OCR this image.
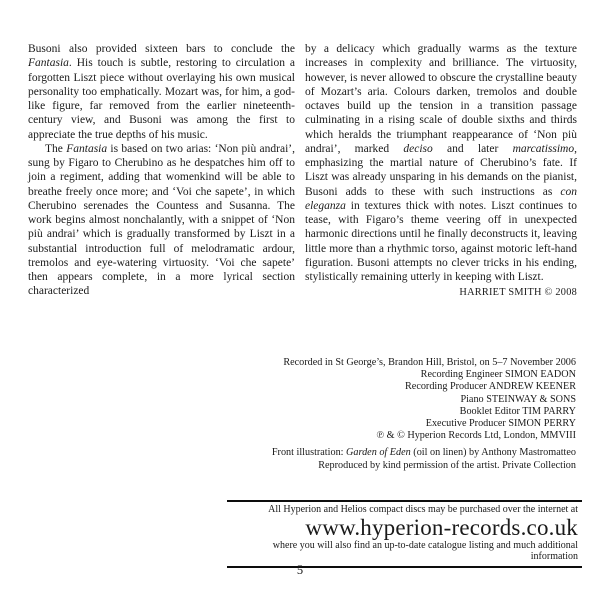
Busoni also provided sixteen bars to conclude the Fantasia. His touch is subtle, restoring to circulation a forgotten Liszt piece without overlaying his own musical personality too emphatically. Mozart was, for him, a god-like figure, far removed from the earlier nineteenth-century view, and Busoni was among the first to appreciate the true depths of his music.

The Fantasia is based on two arias: ‘Non più andrai’, sung by Figaro to Cherubino as he despatches him off to join a regiment, adding that womenkind will be able to breathe freely once more; and ‘Voi che sapete’, in which Cherubino serenades the Countess and Susanna. The work begins almost nonchalantly, with a snippet of ‘Non più andrai’ which is gradually transformed by Liszt in a substantial introduction full of melodramatic ardour, tremolos and eye-watering virtuosity. ‘Voi che sapete’ then appears complete, in a more lyrical section characterized

by a delicacy which gradually warms as the texture increases in complexity and brilliance. The virtuosity, however, is never allowed to obscure the crystalline beauty of Mozart’s aria. Colours darken, tremolos and double octaves build up the tension in a transition passage culminating in a rising scale of double sixths and thirds which heralds the triumphant reappearance of ‘Non più andrai’, marked deciso and later marcatissimo, emphasizing the martial nature of Cherubino’s fate. If Liszt was already unsparing in his demands on the pianist, Busoni adds to these with such instructions as con eleganza in textures thick with notes. Liszt continues to tease, with Figaro’s theme veering off in unexpected harmonic directions until he finally deconstructs it, leaving little more than a rhythmic torso, against motoric left-hand figuration. Busoni attempts no clever tricks in his ending, stylistically remaining utterly in keeping with Liszt.

HARRIET SMITH © 2008
Recorded in St George’s, Brandon Hill, Bristol, on 5–7 November 2006
Recording Engineer SIMON EADON
Recording Producer ANDREW KEENER
Piano STEINWAY & SONS
Booklet Editor TIM PARRY
Executive Producer SIMON PERRY
℗ & © Hyperion Records Ltd, London, MMVIII
Front illustration: Garden of Eden (oil on linen) by Anthony Mastromatteo
Reproduced by kind permission of the artist. Private Collection
All Hyperion and Helios compact discs may be purchased over the internet at
www.hyperion-records.co.uk
where you will also find an up-to-date catalogue listing and much additional information
5
